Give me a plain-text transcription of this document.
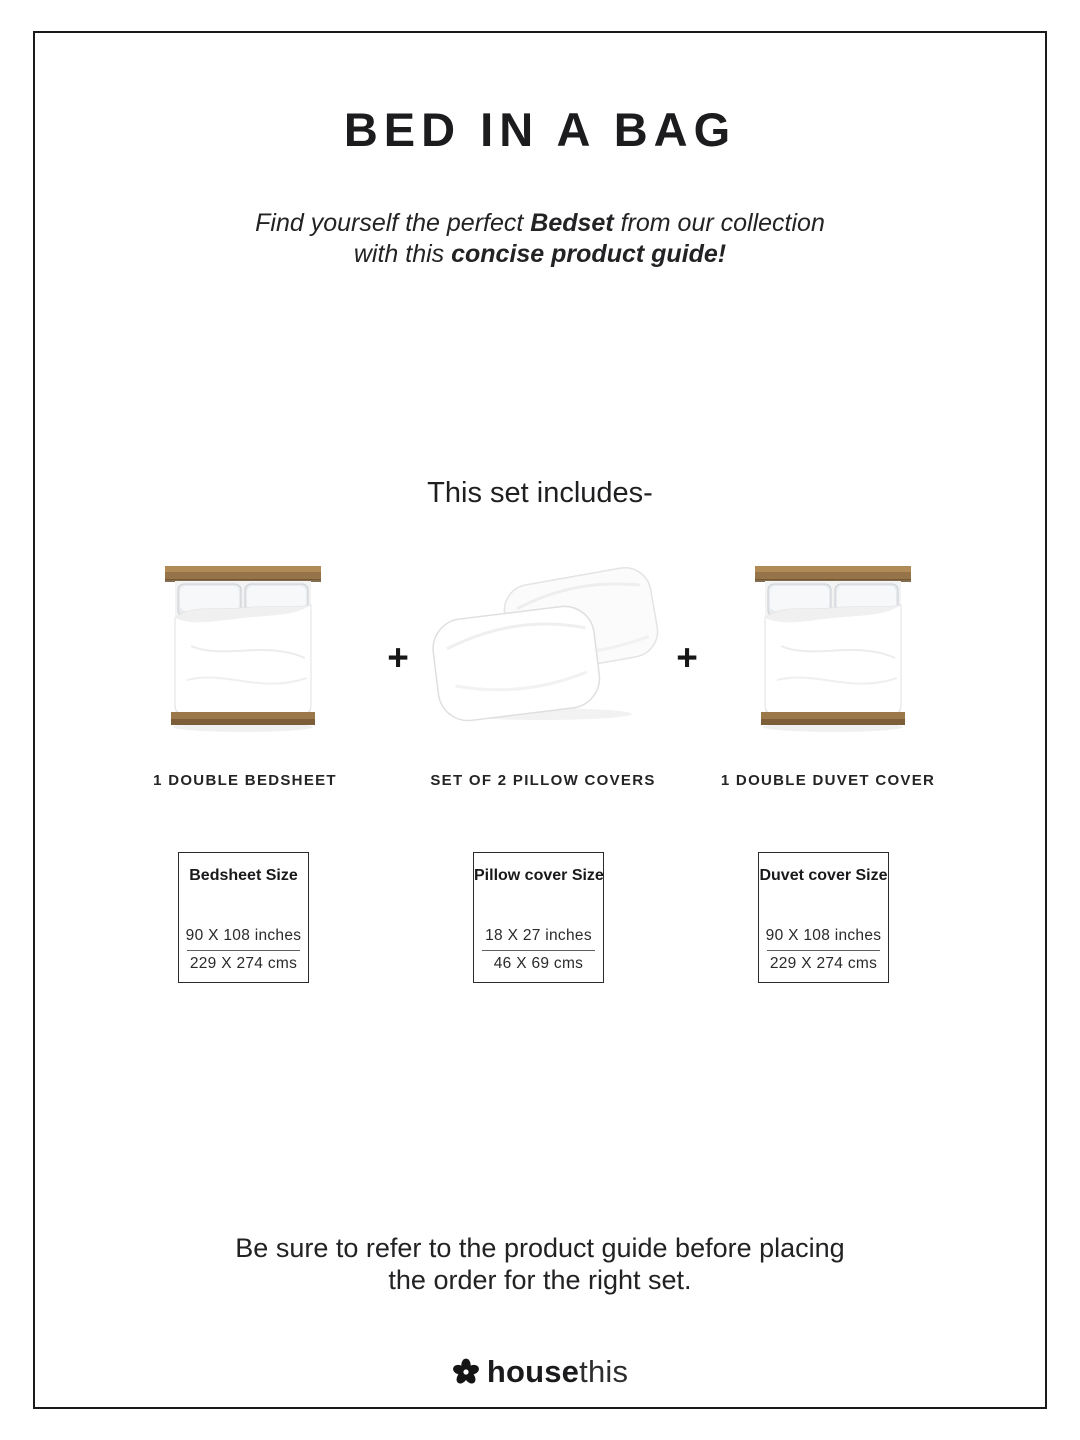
BED IN A BAG
Find yourself the perfect Bedset from our collection
with this concise product guide!
This set includes-
+	+
1 DOUBLE BEDSHEET	SET OF 2 PILLOW COVERS	1 DOUBLE DUVET COVER
Bedsheet Size
90 X 108 inches
229 X 274 cms
Pillow cover Size
18 X 27 inches
46 X 69 cms
Duvet cover Size
90 X 108 inches
229 X 274 cms
Be sure to refer to the product guide before placing
the order for the right set.
housethis
